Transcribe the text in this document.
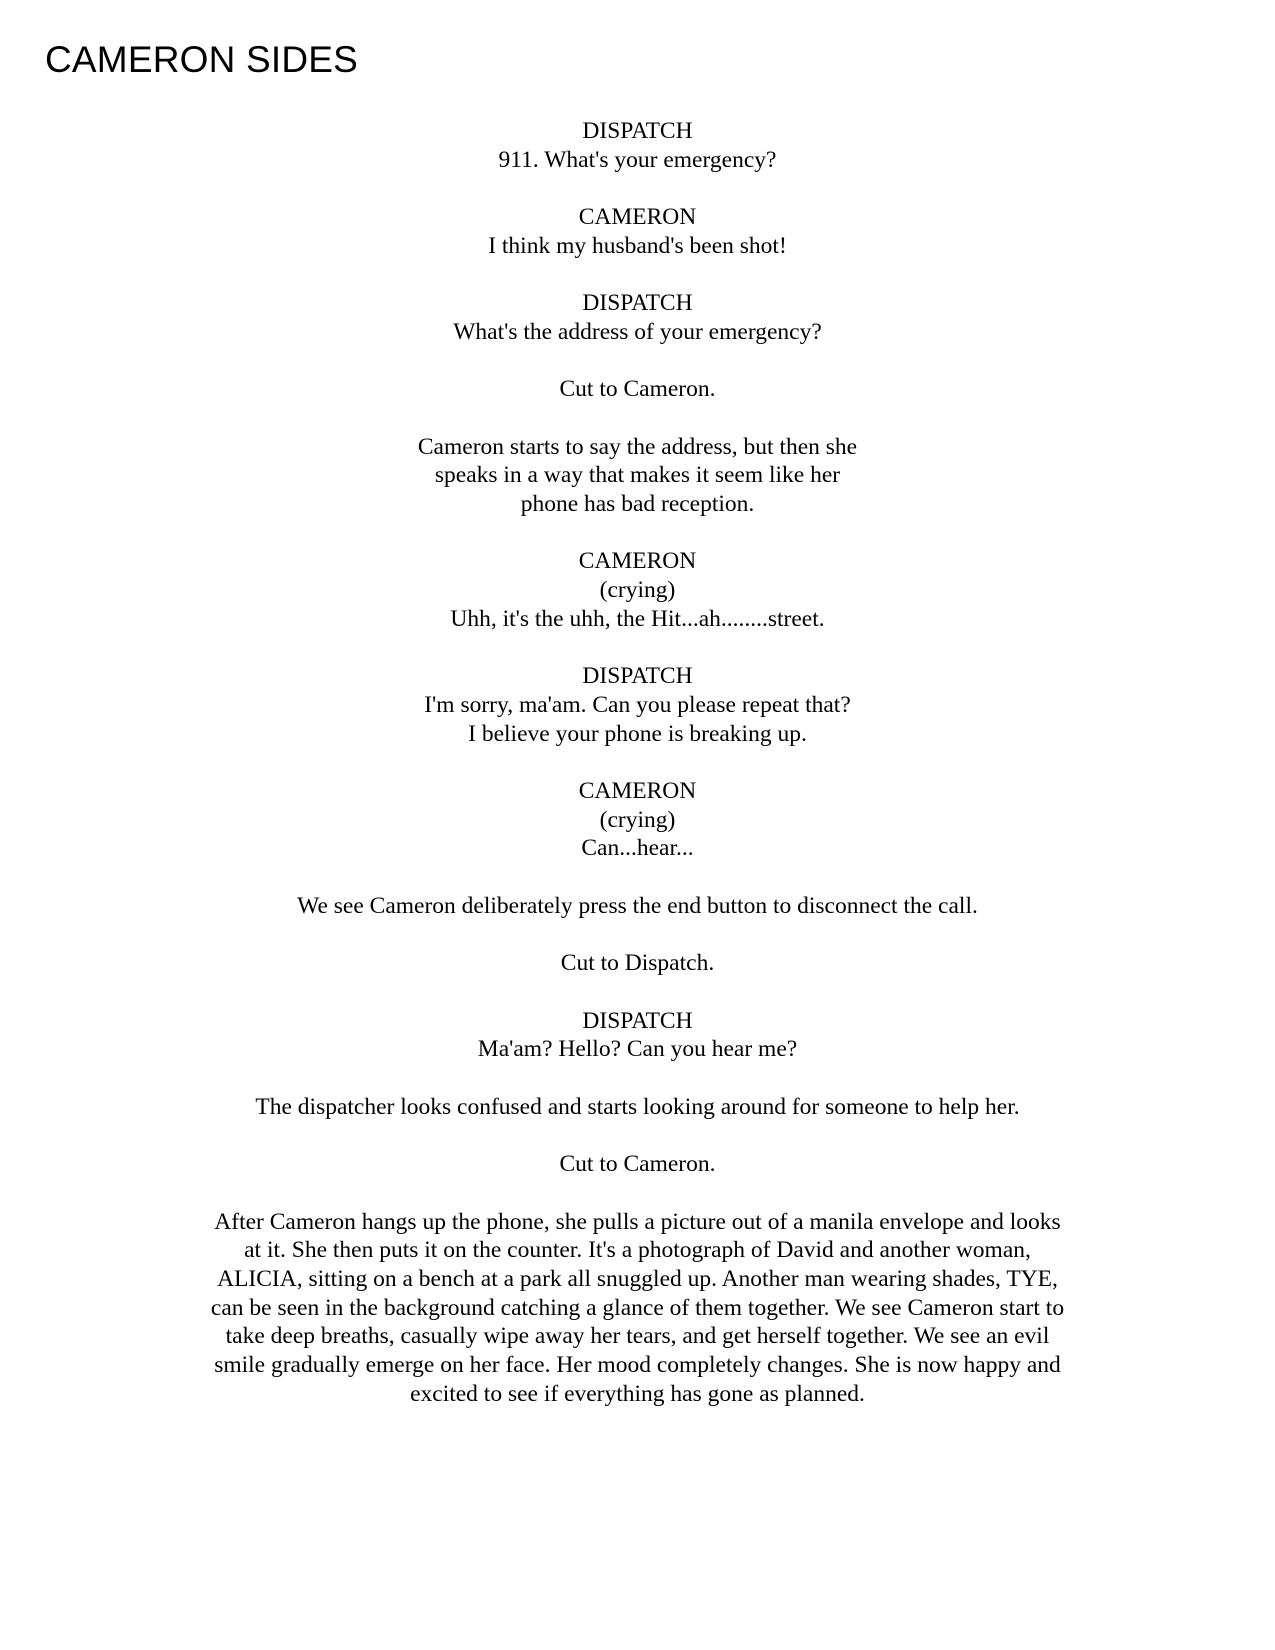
CAMERON SIDES
DISPATCH
911. What's your emergency?
CAMERON
I think my husband's been shot!
DISPATCH
What's the address of your emergency?
Cut to Cameron.
Cameron starts to say the address, but then she speaks in a way that makes it seem like her phone has bad reception.
CAMERON
(crying)
Uhh, it's the uhh, the Hit...ah........street.
DISPATCH
I'm sorry, ma'am. Can you please repeat that?
I believe your phone is breaking up.
CAMERON
(crying)
Can...hear...
We see Cameron deliberately press the end button to disconnect the call.
Cut to Dispatch.
DISPATCH
Ma'am? Hello? Can you hear me?
The dispatcher looks confused and starts looking around for someone to help her.
Cut to Cameron.
After Cameron hangs up the phone, she pulls a picture out of a manila envelope and looks at it. She then puts it on the counter. It's a photograph of David and another woman, ALICIA, sitting on a bench at a park all snuggled up. Another man wearing shades, TYE, can be seen in the background catching a glance of them together. We see Cameron start to take deep breaths, casually wipe away her tears, and get herself together. We see an evil smile gradually emerge on her face. Her mood completely changes. She is now happy and excited to see if everything has gone as planned.
